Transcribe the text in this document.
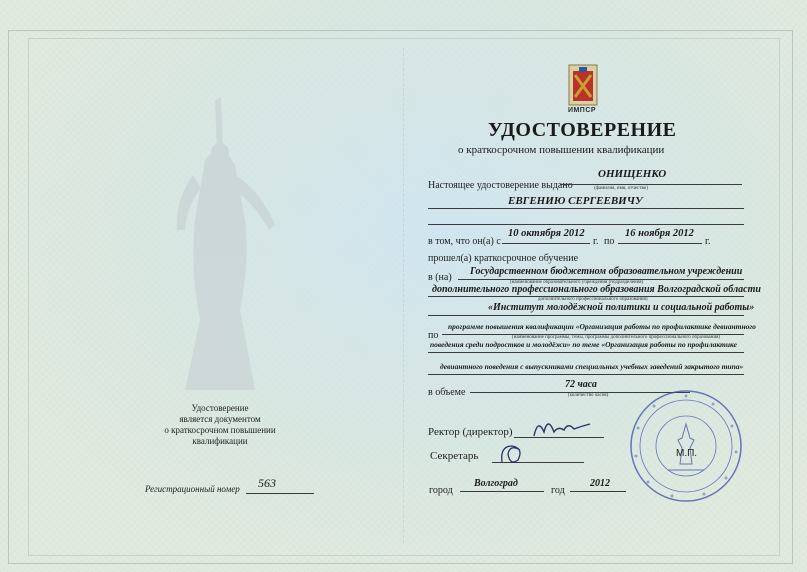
ИМПСР
УДОСТОВЕРЕНИЕ
о краткосрочном повышении квалификации
Настоящее удостоверение выдано
ОНИЩЕНКО
(фамилия, имя, отчество)
ЕВГЕНИЮ СЕРГЕЕВИЧУ
в том, что он(а) с
10 октября 2012
г. по
16 ноября 2012
г.
прошел(а) краткосрочное обучение
в (на)
Государственном бюджетном образовательном учреждении
(наименование образовательного учреждения (подразделения)
дополнительного профессионального образования Волгоградской области
дополнительного профессионального образования)
«Институт молодёжной политики и социальной работы»
программе повышения квалификации «Организация работы по профилактике девиантного
по	(наименование программы, темы, программы дополнительного профессионального образования)
поведения среди подростков и молодёжи» по теме «Организация работы по профилактике
девиантного поведения с выпускниками специальных учебных заведений закрытого типа»
в объеме
72 часа
(количество часов)
Ректор (директор)
Секретарь	М.П.
город
Волгоград
год
2012
Удостоверение
является документом
о краткосрочном повышении квалификации
Регистрационный номер 563
